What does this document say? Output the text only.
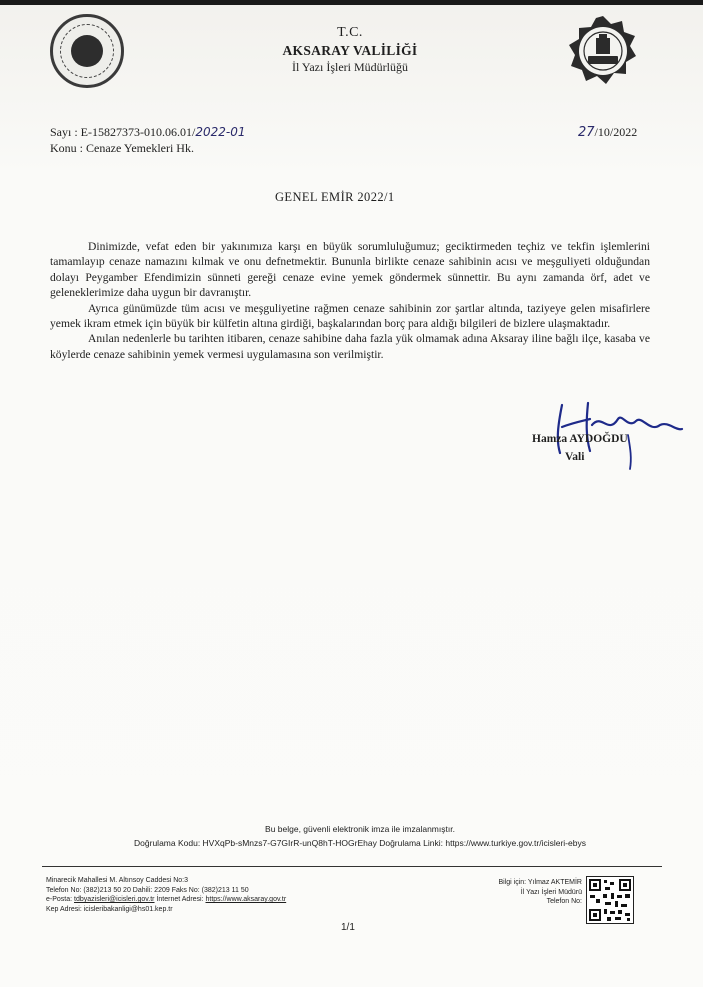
T.C.
AKSARAY VALİLİĞİ
İl Yazı İşleri Müdürlüğü
Sayı : E-15827373-010.06.01/2022-01
Konu : Cenaze Yemekleri Hk.
27/10/2022
GENEL EMİR 2022/1

Dinimizde, vefat eden bir yakınımıza karşı en büyük sorumluluğumuz; geciktirmeden teçhiz ve tekfin işlemlerini tamamlayıp cenaze namazını kılmak ve onu defnetmektir. Bununla birlikte cenaze sahibinin acısı ve meşguliyeti olduğundan dolayı Peygamber Efendimizin sünneti gereği cenaze evine yemek göndermek sünnettir. Bu aynı zamanda örf, adet ve geleneklerimize daha uygun bir davranıştır.

Ayrıca günümüzde tüm acısı ve meşguliyetine rağmen cenaze sahibinin zor şartlar altında, taziyeye gelen misafirlere yemek ikram etmek için büyük bir külfetin altına girdiği, başkalarından borç para aldığı bilgileri de bizlere ulaşmaktadır.

Anılan nedenlerle bu tarihten itibaren, cenaze sahibine daha fazla yük olmamak adına Aksaray iline bağlı ilçe, kasaba ve köylerde cenaze sahibinin yemek vermesi uygulamasına son verilmiştir.

Hamza AYDOĞDU
Vali
Bu belge, güvenli elektronik imza ile imzalanmıştır.
Doğrulama Kodu: HVXqPb-sMnzs7-G7GIrR-unQ8hT-HOGrEhay Doğrulama Linki: https://www.turkiye.gov.tr/icisleri-ebys
Minarecik Mahallesi M. Altınsoy Caddesi No:3
Telefon No: (382)213 50 20 Dahili: 2209 Faks No: (382)213 11 50
e-Posta: tdbyazisleri@icisleri.gov.tr İnternet Adresi: https://www.aksaray.gov.tr
Kep Adresi: icisleribakanligi@hs01.kep.tr
Bilgi için: Yılmaz AKTEMİR
İl Yazı İşleri Müdürü
Telefon No:
1/1
